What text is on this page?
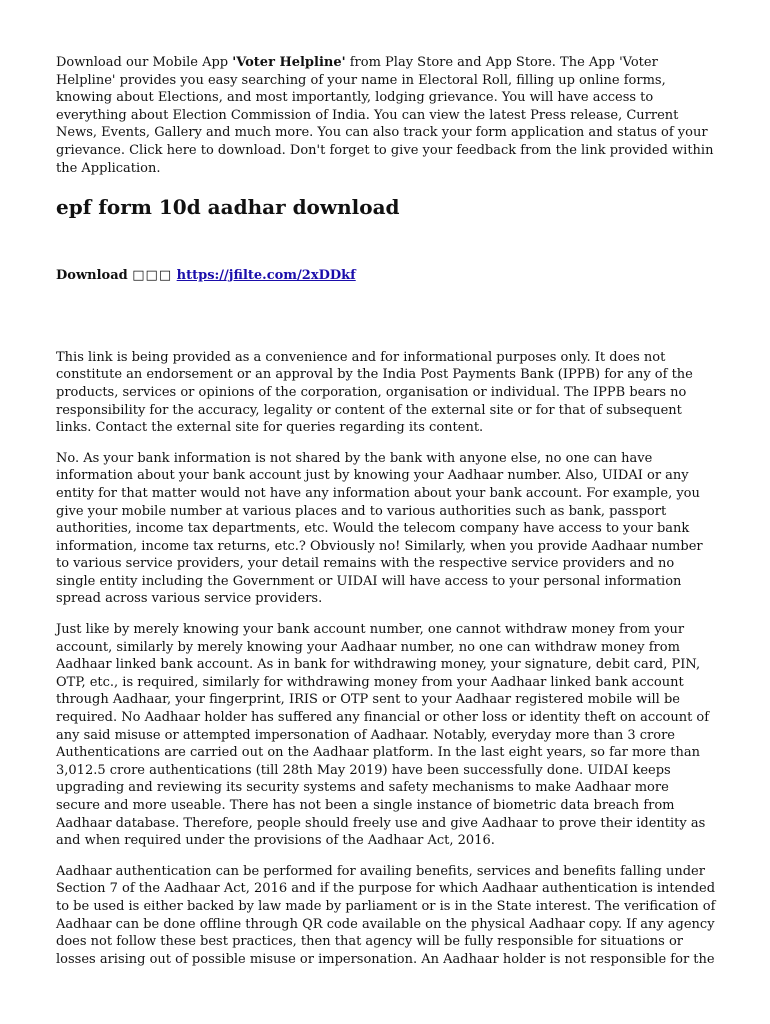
Download our Mobile App 'Voter Helpline' from Play Store and App Store. The App 'Voter Helpline' provides you easy searching of your name in Electoral Roll, filling up online forms, knowing about Elections, and most importantly, lodging grievance. You will have access to everything about Election Commission of India. You can view the latest Press release, Current News, Events, Gallery and much more. You can also track your form application and status of your grievance. Click here to download. Don't forget to give your feedback from the link provided within the Application.

epf form 10d aadhar download

Download □□□ https://jfilte.com/2xDDkf

This link is being provided as a convenience and for informational purposes only. It does not constitute an endorsement or an approval by the India Post Payments Bank (IPPB) for any of the products, services or opinions of the corporation, organisation or individual. The IPPB bears no responsibility for the accuracy, legality or content of the external site or for that of subsequent links. Contact the external site for queries regarding its content.

No. As your bank information is not shared by the bank with anyone else, no one can have information about your bank account just by knowing your Aadhaar number. Also, UIDAI or any entity for that matter would not have any information about your bank account. For example, you give your mobile number at various places and to various authorities such as bank, passport authorities, income tax departments, etc. Would the telecom company have access to your bank information, income tax returns, etc.? Obviously no! Similarly, when you provide Aadhaar number to various service providers, your detail remains with the respective service providers and no single entity including the Government or UIDAI will have access to your personal information spread across various service providers.

Just like by merely knowing your bank account number, one cannot withdraw money from your account, similarly by merely knowing your Aadhaar number, no one can withdraw money from Aadhaar linked bank account. As in bank for withdrawing money, your signature, debit card, PIN, OTP, etc., is required, similarly for withdrawing money from your Aadhaar linked bank account through Aadhaar, your fingerprint, IRIS or OTP sent to your Aadhaar registered mobile will be required. No Aadhaar holder has suffered any financial or other loss or identity theft on account of any said misuse or attempted impersonation of Aadhaar. Notably, everyday more than 3 crore Authentications are carried out on the Aadhaar platform. In the last eight years, so far more than 3,012.5 crore authentications (till 28th May 2019) have been successfully done. UIDAI keeps upgrading and reviewing its security systems and safety mechanisms to make Aadhaar more secure and more useable. There has not been a single instance of biometric data breach from Aadhaar database. Therefore, people should freely use and give Aadhaar to prove their identity as and when required under the provisions of the Aadhaar Act, 2016.

Aadhaar authentication can be performed for availing benefits, services and benefits falling under Section 7 of the Aadhaar Act, 2016 and if the purpose for which Aadhaar authentication is intended to be used is either backed by law made by parliament or is in the State interest. The verification of Aadhaar can be done offline through QR code available on the physical Aadhaar copy. If any agency does not follow these best practices, then that agency will be fully responsible for situations or losses arising out of possible misuse or impersonation. An Aadhaar holder is not responsible for the
